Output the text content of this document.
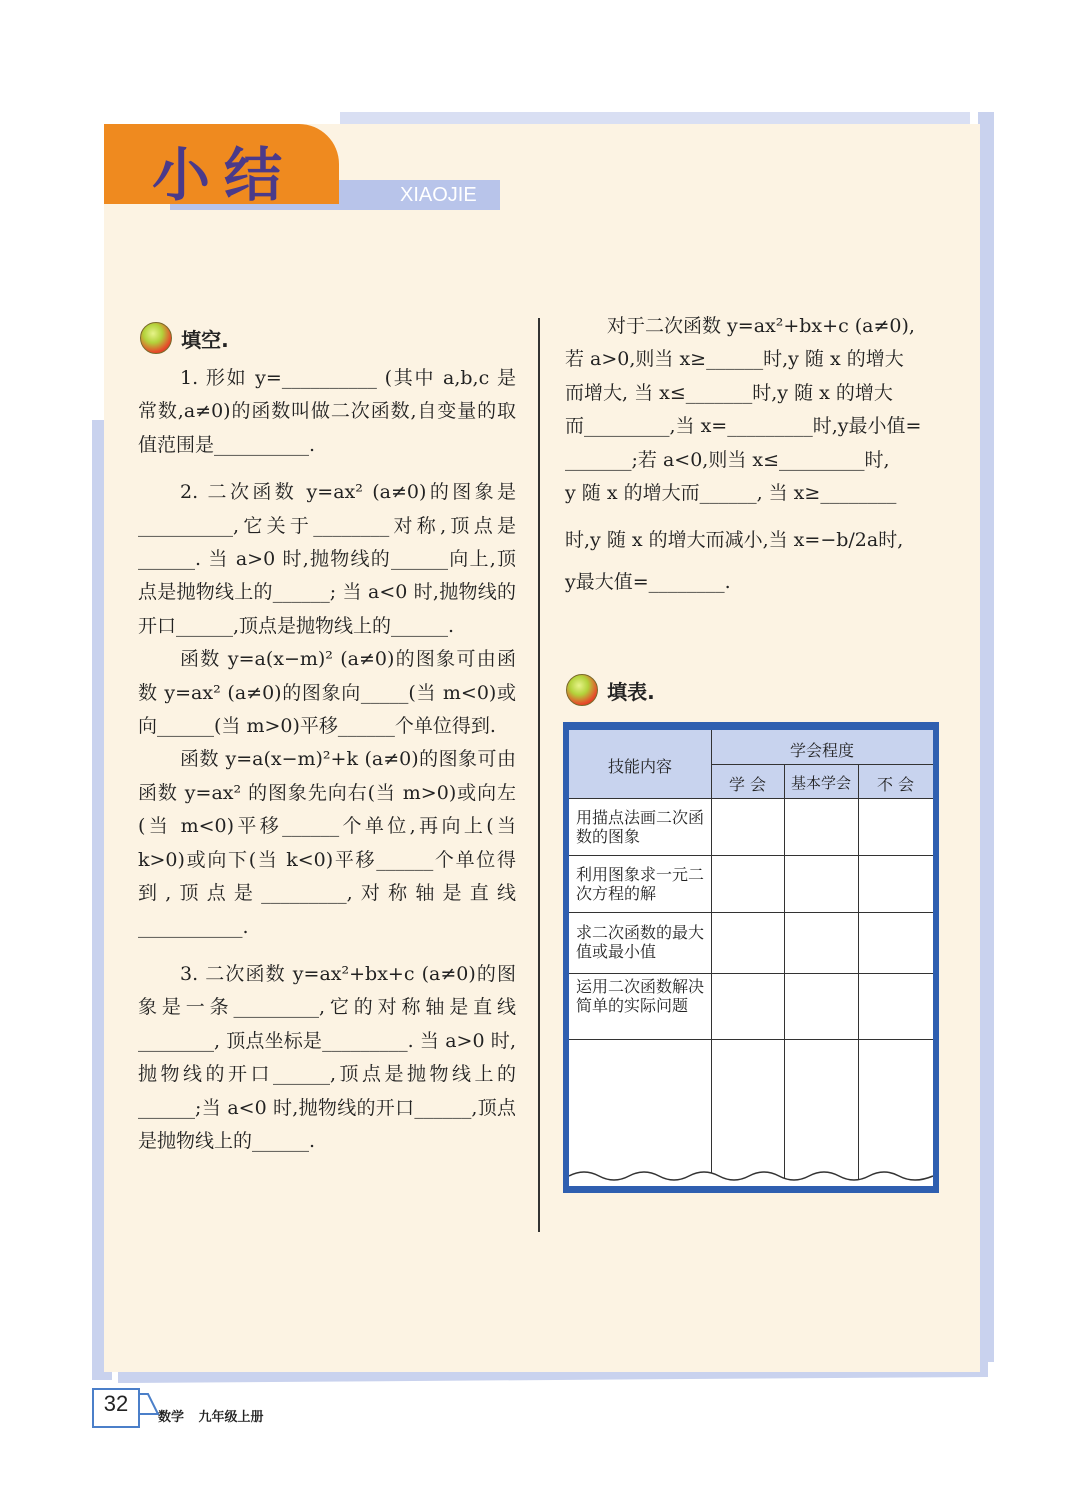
小结	XIAOJIE
填空.

1. 形如 y=__________ (其中 a,b,c 是常数,a≠0)的函数叫做二次函数,自变量的取值范围是__________.

2. 二次函数 y=ax² (a≠0)的图象是__________,它关于________对称,顶点是______. 当 a>0 时,抛物线的______向上,顶点是抛物线上的______; 当 a<0 时,抛物线的开口______,顶点是抛物线上的______.

函数 y=a(x−m)² (a≠0)的图象可由函数 y=ax² (a≠0)的图象向_____(当 m<0)或向______(当 m>0)平移______个单位得到.

函数 y=a(x−m)²+k (a≠0)的图象可由函数 y=ax² 的图象先向右(当 m>0)或向左(当 m<0)平移______个单位,再向上(当 k>0)或向下(当 k<0)平移______个单位得到,顶点是_________,对称轴是直线___________.

3. 二次函数 y=ax²+bx+c (a≠0)的图象是一条_________,它的对称轴是直线________, 顶点坐标是_________. 当 a>0 时,抛物线的开口______,顶点是抛物线上的______;当 a<0 时,抛物线的开口______,顶点是抛物线上的______.

对于二次函数 y=ax²+bx+c (a≠0),
若 a>0,则当 x≥______时,y 随 x 的增大
而增大, 当 x≤_______时,y 随 x 的增大
而_________,当 x=_________时,y最小值=
_______;若 a<0,则当 x≤_________时,
y 随 x 的增大而______, 当 x≥________
时,y 随 x 的增大而减小,当 x=−b/2a时,
y最大值=________.
填表.
技能内容
学会程度
学 会	基本学会	不 会
用描点法画二次函数的图象
利用图象求一元二次方程的解
求二次函数的最大值或最小值
运用二次函数解决简单的实际问题
32
数学 九年级上册
